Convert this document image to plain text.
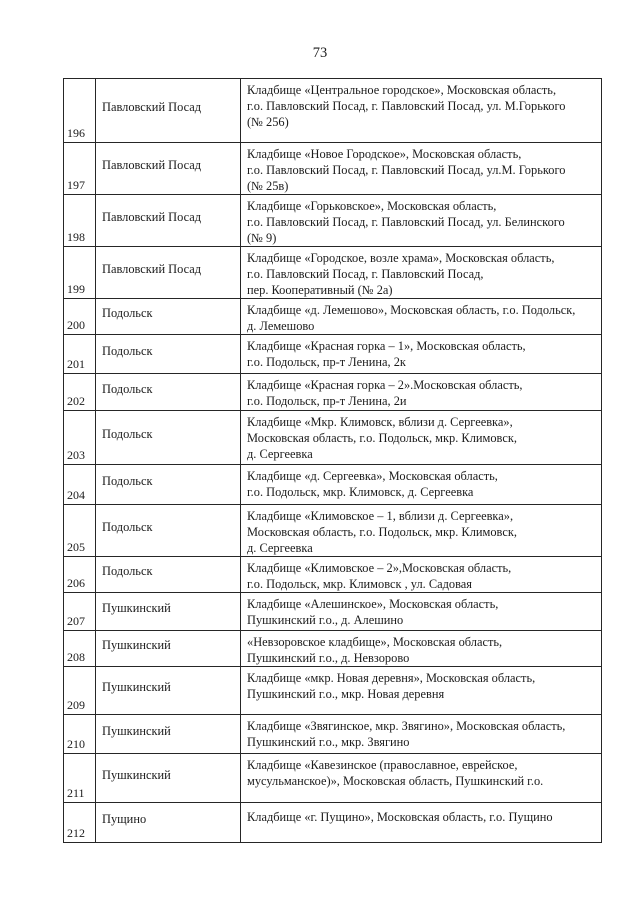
73
196	Павловский Посад	Кладбище «Центральное городское», Московская область,
г.о. Павловский Посад, г. Павловский Посад, ул. М.Горького
(№ 256)

197	Павловский Посад	Кладбище «Новое Городское», Московская область,
г.о. Павловский Посад, г. Павловский Посад, ул.М. Горького
(№ 25в)

198	Павловский Посад	Кладбище «Горьковское», Московская область,
г.о. Павловский Посад, г. Павловский Посад, ул. Белинского
(№ 9)

199	Павловский Посад	Кладбище «Городское, возле храма», Московская область,
г.о. Павловский Посад, г. Павловский Посад,
пер. Кооперативный (№ 2а)

200	Подольск	Кладбище «д. Лемешово», Московская область, г.о. Подольск,
д. Лемешово

201	Подольск	Кладбище «Красная горка – 1», Московская область,
г.о. Подольск, пр-т Ленина, 2к

202	Подольск	Кладбище «Красная горка – 2».Московская область,
г.о. Подольск, пр-т Ленина, 2и

203	Подольск	Кладбище «Мкр. Климовск, вблизи д. Сергеевка»,
Московская область, г.о. Подольск, мкр. Климовск,
д. Сергеевка

204	Подольск	Кладбище «д. Сергеевка», Московская область,
г.о. Подольск, мкр. Климовск, д. Сергеевка

205	Подольск	Кладбище «Климовское – 1, вблизи д. Сергеевка»,
Московская область, г.о. Подольск, мкр. Климовск,
д. Сергеевка

206	Подольск	Кладбище «Климовское – 2»,Московская область,
г.о. Подольск, мкр. Климовск , ул. Садовая

207	Пушкинский	Кладбище «Алешинское», Московская область,
Пушкинский г.о., д. Алешино

208	Пушкинский	«Невзоровское кладбище», Московская область,
Пушкинский г.о., д. Невзорово

209	Пушкинский	Кладбище «мкр. Новая деревня», Московская область,
Пушкинский г.о., мкр. Новая деревня

210	Пушкинский	Кладбище «Звягинское, мкр. Звягино», Московская область,
Пушкинский г.о., мкр. Звягино

211	Пушкинский	Кладбище «Кавезинское (православное, еврейское,
мусульманское)», Московская область, Пушкинский г.о.

212	Пущино	Кладбище «г. Пущино», Московская область, г.о. Пущино
